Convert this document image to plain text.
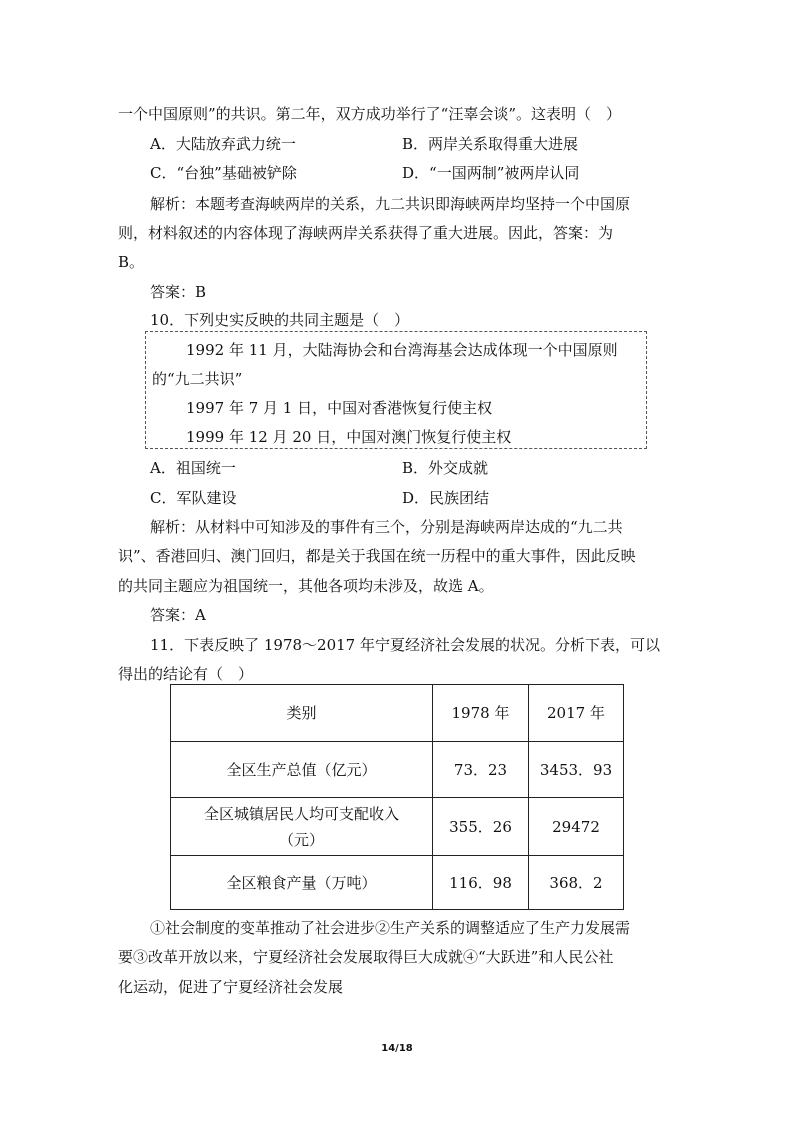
一个中国原则”的共识。第二年，双方成功举行了“汪辜会谈”。这表明（　）
A．大陆放弃武力统一	B．两岸关系取得重大进展
C．“台独”基础被铲除	D．“一国两制”被两岸认同
解析：本题考查海峡两岸的关系，九二共识即海峡两岸均坚持一个中国原
则，材料叙述的内容体现了海峡两岸关系获得了重大进展。因此，答案：为
B。
答案：B
10．下列史实反映的共同主题是（　）
1992 年 11 月，大陆海协会和台湾海基会达成体现一个中国原则
的“九二共识”
1997 年 7 月 1 日，中国对香港恢复行使主权
1999 年 12 月 20 日，中国对澳门恢复行使主权
A．祖国统一	B．外交成就
C．军队建设	D．民族团结
解析：从材料中可知涉及的事件有三个，分别是海峡两岸达成的“九二共
识”、香港回归、澳门回归，都是关于我国在统一历程中的重大事件，因此反映
的共同主题应为祖国统一，其他各项均未涉及，故选 A。
答案：A
11．下表反映了 1978～2017 年宁夏经济社会发展的状况。分析下表，可以
得出的结论有（　）
类别	1978 年	2017 年
全区生产总值（亿元）	73．23	3453．93
全区城镇居民人均可支配收入（元）	355．26	29472
全区粮食产量（万吨）	116．98	368．2
①社会制度的变革推动了社会进步②生产关系的调整适应了生产力发展需
要③改革开放以来，宁夏经济社会发展取得巨大成就④“大跃进”和人民公社
化运动，促进了宁夏经济社会发展
14/18
